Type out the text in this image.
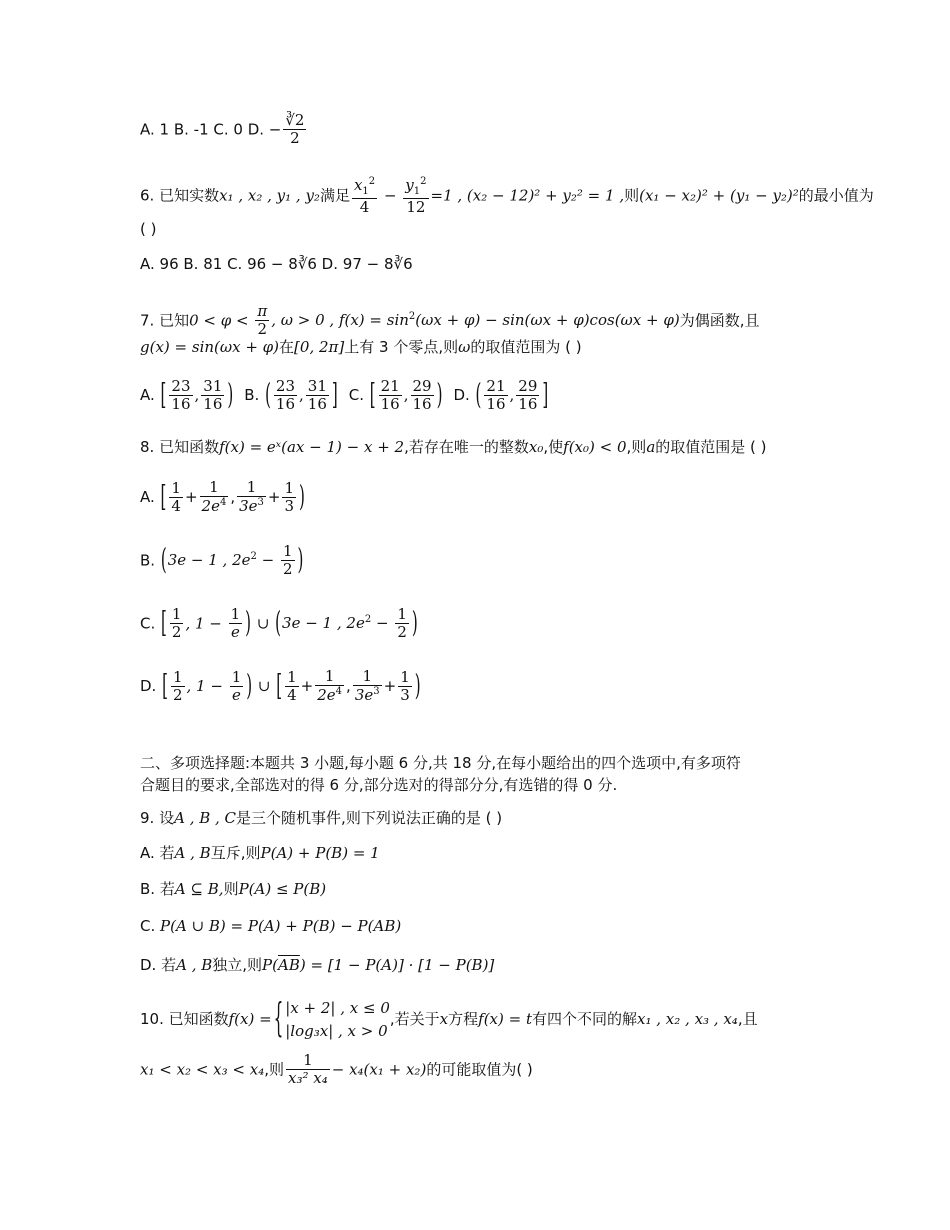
A. 1 B. -1 C. 0 D. − $\frac{∛2}{2}$
6. 已知实数x₁ , x₂ , y₁ , y₂满足 $\frac{x_1^2}{4} - \frac{y_1^2}{12} =1$ , (x₂ − 12)² + y₂² = 1 ,则(x₁ − x₂)² + (y₁ − y₂)²的最小值为
( )
A. 96 B. 81 C. 96 − 8∛6 D. 97 − 8∛6
7. 已知$0 < \varphi < \frac{\pi}{2}$ , ω > 0 , $f(x) = \sin^2(\omega x + \varphi) - \sin(\omega x + \varphi)\cos(\omega x + \varphi)$为偶函数,且
g(x) = sin(ωx + φ)在[0, 2π]上有 3 个零点,则ω的取值范围为 ( )
A. [ $\frac{23}{16}$ , $\frac{31}{16}$ ) B. ( $\frac{23}{16}$ , $\frac{31}{16}$ ] C. [ $\frac{21}{16}$ , $\frac{29}{16}$ ) D. ( $\frac{21}{16}$ , $\frac{29}{16}$ ]
8. 已知函数f(x) = eˣ(ax − 1) − x + 2,若存在唯一的整数x₀,使f(x₀) < 0,则a的取值范围是 ( )
A. [ $\frac{1}{4} + \frac{1}{2e^4}$ , $\frac{1}{3e^3} + \frac{1}{3}$ )
B. (3e − 1 , $2e^2 - \frac{1}{2}$ )
C. [ $\frac{1}{2}$ , $1 - \frac{1}{e}$ ) ∪ (3e − 1 , $2e^2 - \frac{1}{2}$ )
D. [ $\frac{1}{2}$ , $1 - \frac{1}{e}$ ) ∪ [ $\frac{1}{4} + \frac{1}{2e^4}$ , $\frac{1}{3e^3} + \frac{1}{3}$ )
二、多项选择题:本题共 3 小题,每小题 6 分,共 18 分,在每小题给出的四个选项中,有多项符
合题目的要求,全部选对的得 6 分,部分选对的得部分分,有选错的得 0 分.
9. 设A , B , C是三个随机事件,则下列说法正确的是 ( )
A. 若A , B互斥,则P(A) + P(B) = 1
B. 若A ⊆ B,则P(A) ≤ P(B)
C. P(A ∪ B) = P(A) + P(B) − P(AB)
D. 若A , B独立,则$P(\overline{AB}) = [1 - P(A)] \cdot [1 - P(B)]$
10. 已知函数f(x) = { |x + 2| , x ≤ 0
|log₃x| , x > 0
,若关于x方程f(x) = t有四个不同的解x₁ , x₂ , x₃ , x₄,且
x₁ < x₂ < x₃ < x₄,则 $\frac{1}{\text{x₃² x₄}} - x_4(x_1 + x_2)$的可能取值为( )
